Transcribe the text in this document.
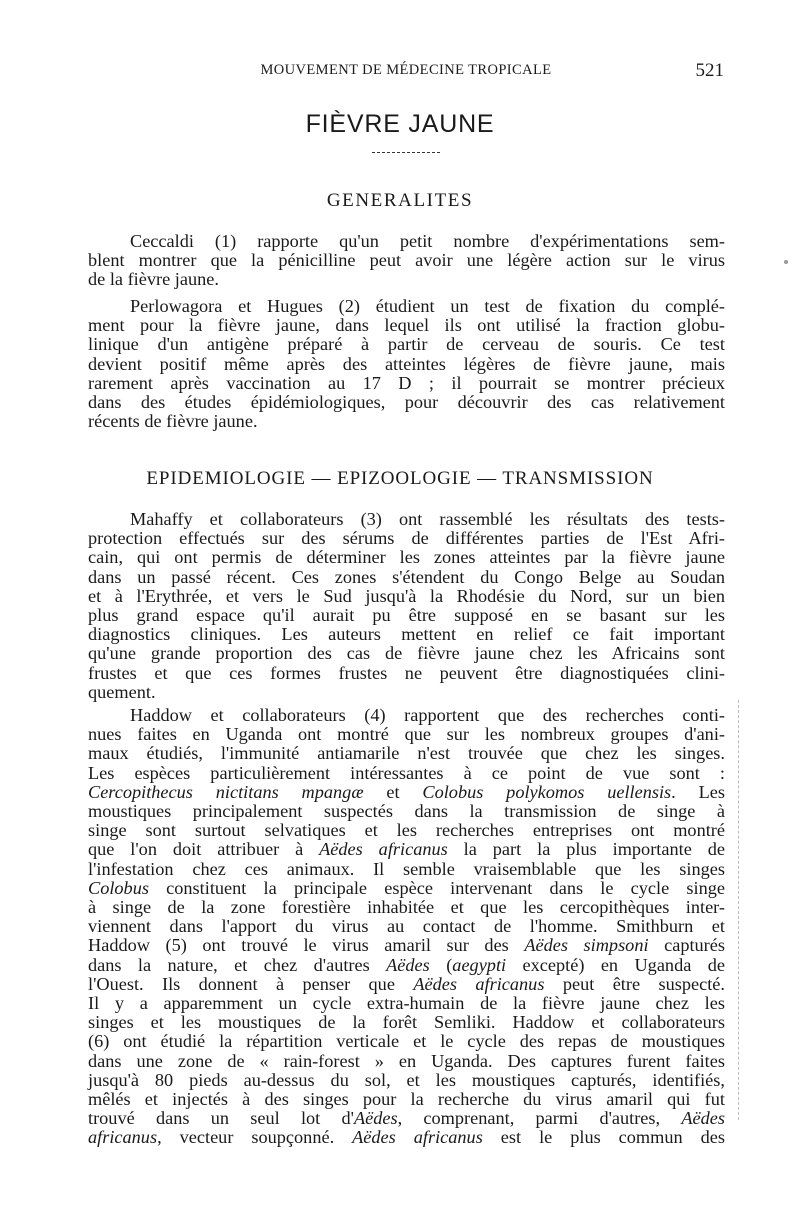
MOUVEMENT DE MÉDECINE TROPICALE	521
FIÈVRE JAUNE
GENERALITES
Ceccaldi (1) rapporte qu'un petit nombre d'expérimentations sem-
blent montrer que la pénicilline peut avoir une légère action sur le virus
de la fièvre jaune.
Perlowagora et Hugues (2) étudient un test de fixation du complé-
ment pour la fièvre jaune, dans lequel ils ont utilisé la fraction globu-
linique d'un antigène préparé à partir de cerveau de souris. Ce test
devient positif même après des atteintes légères de fièvre jaune, mais
rarement après vaccination au 17 D ; il pourrait se montrer précieux
dans des études épidémiologiques, pour découvrir des cas relativement
récents de fièvre jaune.
EPIDEMIOLOGIE — EPIZOOLOGIE — TRANSMISSION
Mahaffy et collaborateurs (3) ont rassemblé les résultats des tests-
protection effectués sur des sérums de différentes parties de l'Est Afri-
cain, qui ont permis de déterminer les zones atteintes par la fièvre jaune
dans un passé récent. Ces zones s'étendent du Congo Belge au Soudan
et à l'Erythrée, et vers le Sud jusqu'à la Rhodésie du Nord, sur un bien
plus grand espace qu'il aurait pu être supposé en se basant sur les
diagnostics cliniques. Les auteurs mettent en relief ce fait important
qu'une grande proportion des cas de fièvre jaune chez les Africains sont
frustes et que ces formes frustes ne peuvent être diagnostiquées clini-
quement.
Haddow et collaborateurs (4) rapportent que des recherches conti-
nues faites en Uganda ont montré que sur les nombreux groupes d'ani-
maux étudiés, l'immunité antiamarile n'est trouvée que chez les singes.
Les espèces particulièrement intéressantes à ce point de vue sont :
Cercopithecus nictitans mpangæ et Colobus polykomos uellensis. Les
moustiques principalement suspectés dans la transmission de singe à
singe sont surtout selvatiques et les recherches entreprises ont montré
que l'on doit attribuer à Aëdes africanus la part la plus importante de
l'infestation chez ces animaux. Il semble vraisemblable que les singes
Colobus constituent la principale espèce intervenant dans le cycle singe
à singe de la zone forestière inhabitée et que les cercopithèques inter-
viennent dans l'apport du virus au contact de l'homme. Smithburn et
Haddow (5) ont trouvé le virus amaril sur des Aëdes simpsoni capturés
dans la nature, et chez d'autres Aëdes (aegypti excepté) en Uganda de
l'Ouest. Ils donnent à penser que Aëdes africanus peut être suspecté.
Il y a apparemment un cycle extra-humain de la fièvre jaune chez les
singes et les moustiques de la forêt Semliki. Haddow et collaborateurs
(6) ont étudié la répartition verticale et le cycle des repas de moustiques
dans une zone de « rain-forest » en Uganda. Des captures furent faites
jusqu'à 80 pieds au-dessus du sol, et les moustiques capturés, identifiés,
mêlés et injectés à des singes pour la recherche du virus amaril qui fut
trouvé dans un seul lot d'Aëdes, comprenant, parmi d'autres, Aëdes
africanus, vecteur soupçonné. Aëdes africanus est le plus commun des
